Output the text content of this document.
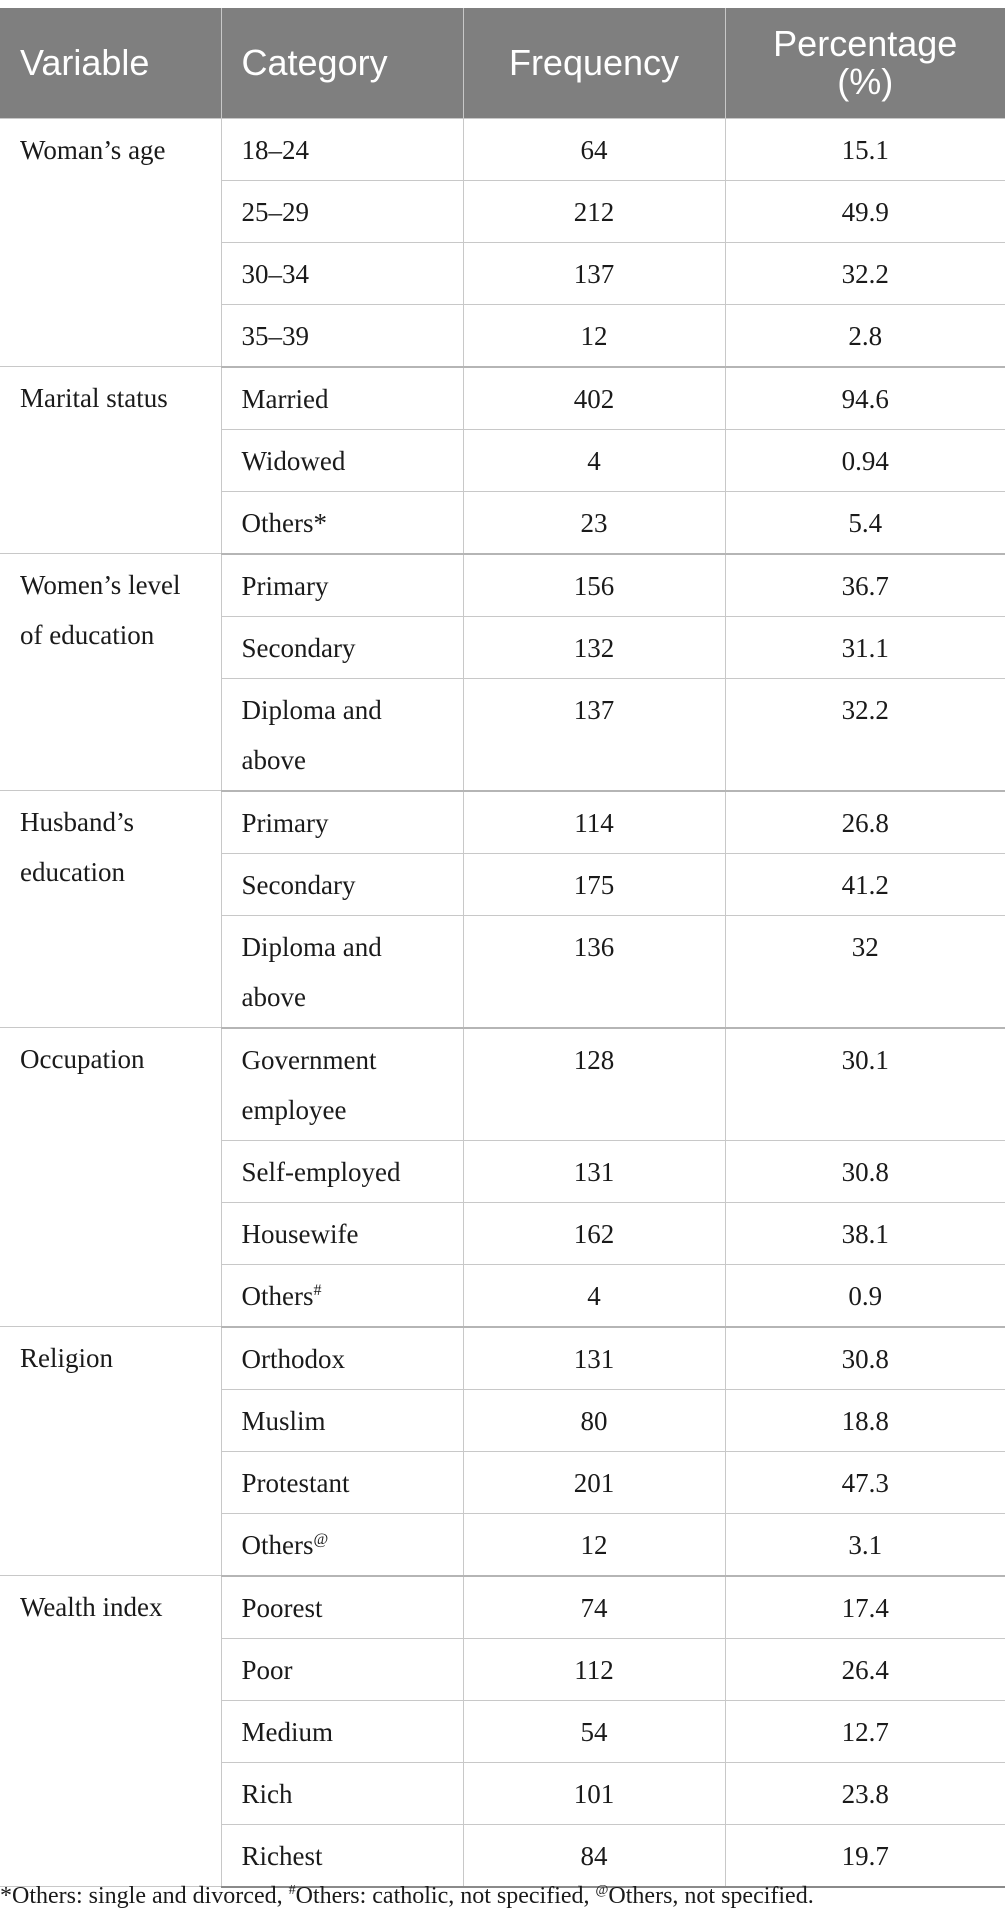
Variable	Category	Frequency	Percentage (%)
Woman’s age	18–24	64	15.1
	25–29	212	49.9
	30–34	137	32.2
	35–39	12	2.8
Marital status	Married	402	94.6
	Widowed	4	0.94
	Others*	23	5.4
Women’s level of education	Primary	156	36.7
	Secondary	132	31.1
	Diploma and above	137	32.2
Husband’s education	Primary	114	26.8
	Secondary	175	41.2
	Diploma and above	136	32
Occupation	Government employee	128	30.1
	Self-employed	131	30.8
	Housewife	162	38.1
	Others#	4	0.9
Religion	Orthodox	131	30.8
	Muslim	80	18.8
	Protestant	201	47.3
	Others@	12	3.1
Wealth index	Poorest	74	17.4
	Poor	112	26.4
	Medium	54	12.7
	Rich	101	23.8
	Richest	84	19.7
*Others: single and divorced, #Others: catholic, not specified, @Others, not specified.
